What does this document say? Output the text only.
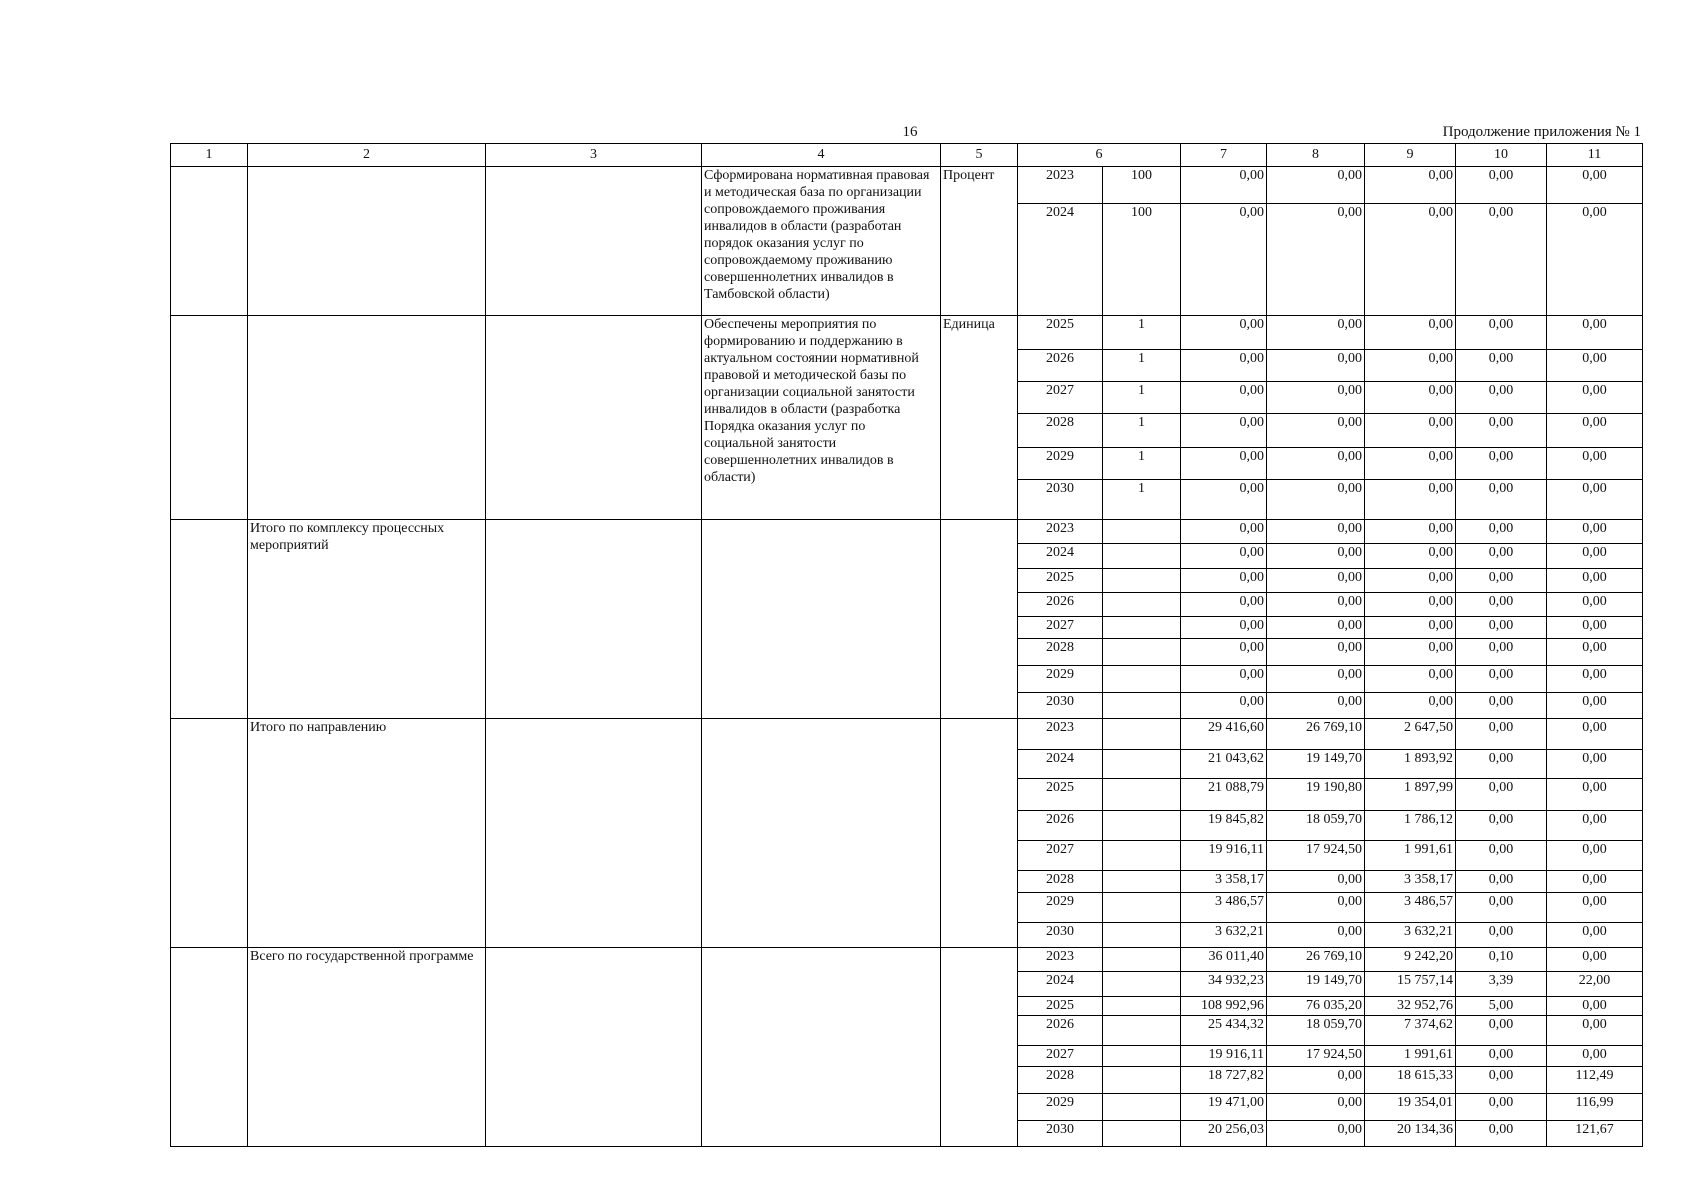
16	Продолжение приложения № 1
1	2	3	4	5	6		7	8	9	10	11
			Сформирована нормативная правовая и методическая база по организации сопровождаемого проживания инвалидов в области (разработан порядок оказания услуг по сопровождаемому проживанию совершеннолетних инвалидов в Тамбовской области)	Процент	2023	100	0,00	0,00	0,00	0,00	0,00
					2024	100	0,00	0,00	0,00	0,00	0,00
			Обеспечены мероприятия по формированию и поддержанию в актуальном состоянии нормативной правовой и методической базы по организации социальной занятости инвалидов в области (разработка Порядка оказания услуг по социальной занятости совершеннолетних инвалидов в области)	Единица	2025	1	0,00	0,00	0,00	0,00	0,00
					2026	1	0,00	0,00	0,00	0,00	0,00
					2027	1	0,00	0,00	0,00	0,00	0,00
					2028	1	0,00	0,00	0,00	0,00	0,00
					2029	1	0,00	0,00	0,00	0,00	0,00
					2030	1	0,00	0,00	0,00	0,00	0,00
	Итого по комплексу процессных мероприятий				2023		0,00	0,00	0,00	0,00	0,00
					2024		0,00	0,00	0,00	0,00	0,00
					2025		0,00	0,00	0,00	0,00	0,00
					2026		0,00	0,00	0,00	0,00	0,00
					2027		0,00	0,00	0,00	0,00	0,00
					2028		0,00	0,00	0,00	0,00	0,00
					2029		0,00	0,00	0,00	0,00	0,00
					2030		0,00	0,00	0,00	0,00	0,00
	Итого по направлению				2023		29 416,60	26 769,10	2 647,50	0,00	0,00
					2024		21 043,62	19 149,70	1 893,92	0,00	0,00
					2025		21 088,79	19 190,80	1 897,99	0,00	0,00
					2026		19 845,82	18 059,70	1 786,12	0,00	0,00
					2027		19 916,11	17 924,50	1 991,61	0,00	0,00
					2028		3 358,17	0,00	3 358,17	0,00	0,00
					2029		3 486,57	0,00	3 486,57	0,00	0,00
					2030		3 632,21	0,00	3 632,21	0,00	0,00
	Всего по государственной программе				2023		36 011,40	26 769,10	9 242,20	0,10	0,00
					2024		34 932,23	19 149,70	15 757,14	3,39	22,00
					2025		108 992,96	76 035,20	32 952,76	5,00	0,00
					2026		25 434,32	18 059,70	7 374,62	0,00	0,00
					2027		19 916,11	17 924,50	1 991,61	0,00	0,00
					2028		18 727,82	0,00	18 615,33	0,00	112,49
					2029		19 471,00	0,00	19 354,01	0,00	116,99
					2030		20 256,03	0,00	20 134,36	0,00	121,67
